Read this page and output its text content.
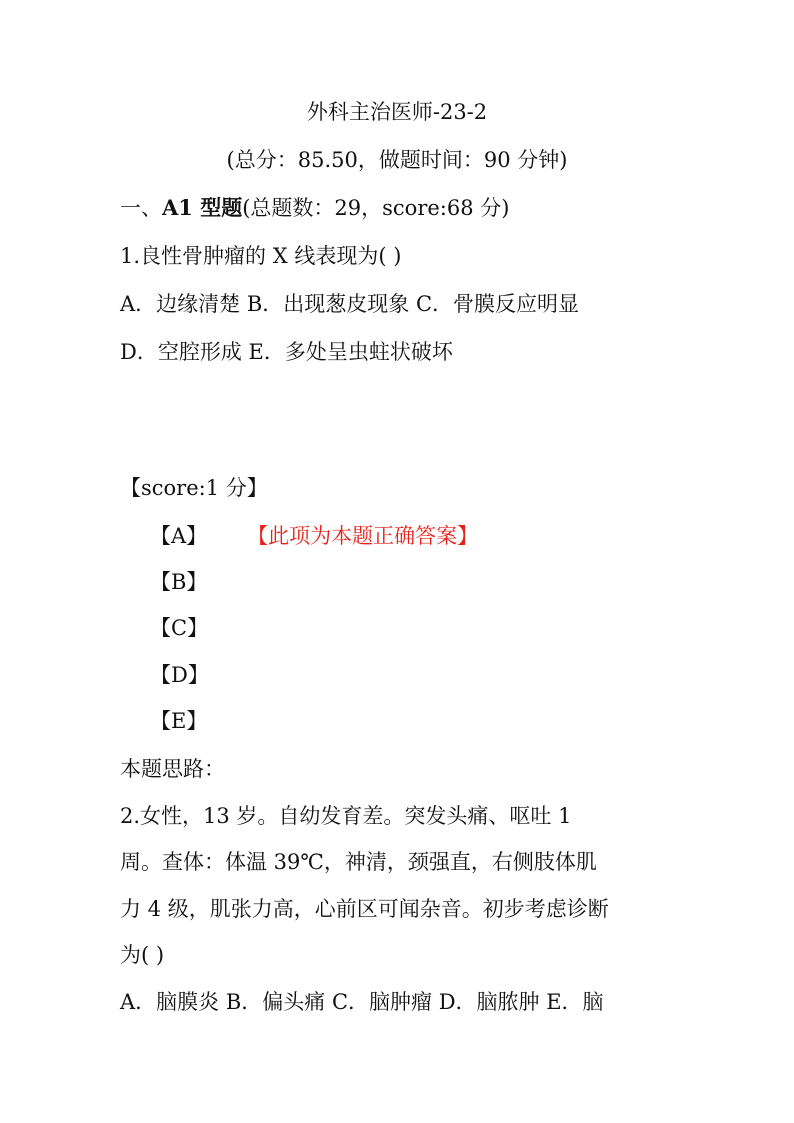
外科主治医师-23-2
(总分：85.50，做题时间：90 分钟)
一、A1 型题(总题数：29，score:68 分)
1.良性骨肿瘤的 X 线表现为( )
A．边缘清楚 B．出现葱皮现象 C．骨膜反应明显
D．空腔形成 E．多处呈虫蛀状破坏
【score:1 分】
【A】 【此项为本题正确答案】
【B】
【C】
【D】
【E】
本题思路：
2.女性，13 岁。自幼发育差。突发头痛、呕吐 1
周。查体：体温 39℃，神清，颈强直，右侧肢体肌
力 4 级，肌张力高，心前区可闻杂音。初步考虑诊断
为( )
A．脑膜炎 B．偏头痛 C．脑肿瘤 D．脑脓肿 E．脑
